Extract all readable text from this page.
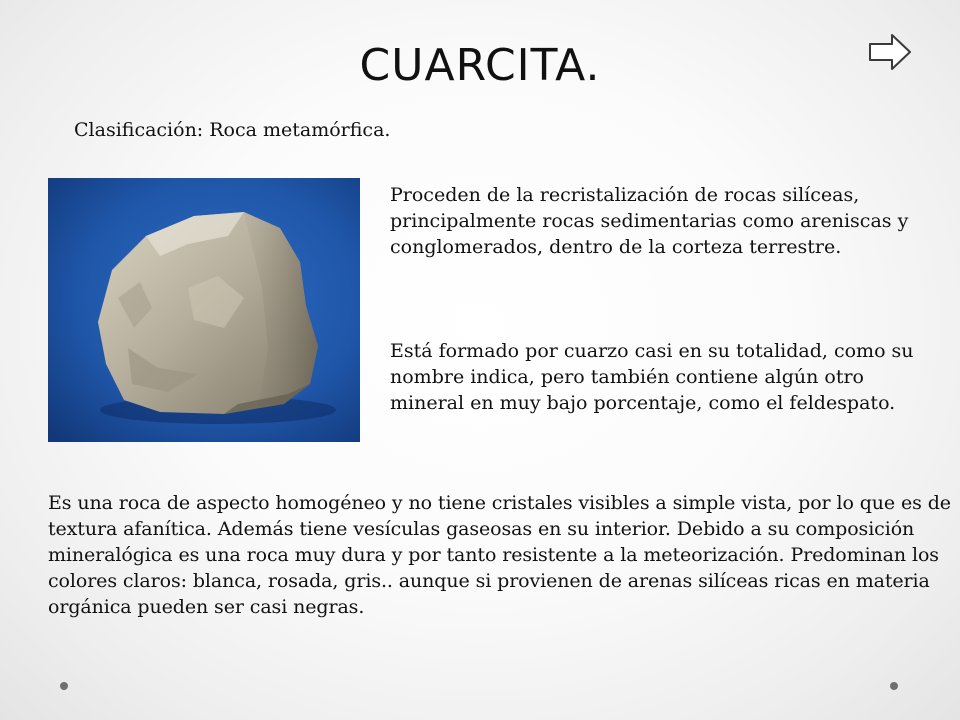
CUARCITA.
Clasificación: Roca metamórfica.
Proceden de la recristalización de rocas silíceas, principalmente rocas sedimentarias como areniscas y conglomerados, dentro de la corteza terrestre.
Está formado por cuarzo casi en su totalidad, como su nombre indica, pero también contiene algún otro mineral en muy bajo porcentaje, como el feldespato.
Es una roca de aspecto homogéneo y no tiene cristales visibles a simple vista, por lo que es de textura afanítica. Además tiene vesículas gaseosas en su interior. Debido a su composición mineralógica es una roca muy dura y por tanto resistente a la meteorización. Predominan los colores claros: blanca, rosada, gris.. aunque si provienen de arenas silíceas ricas en materia orgánica pueden ser casi negras.
